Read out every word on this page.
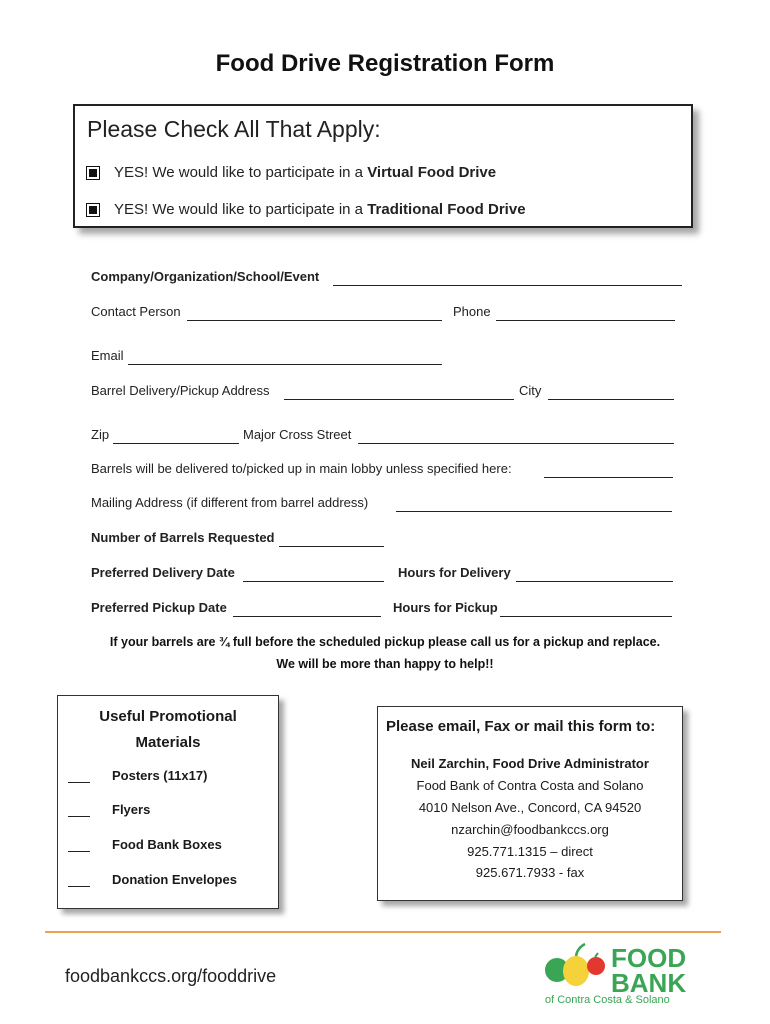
Food Drive Registration Form
Please Check All That Apply:
YES! We would like to participate in a Virtual Food Drive
YES! We would like to participate in a Traditional Food Drive
Company/Organization/School/Event
Contact Person	Phone
Email
Barrel Delivery/Pickup Address	City
Zip	Major Cross Street
Barrels will be delivered to/picked up in main lobby unless specified here:
Mailing Address (if different from barrel address)
Number of Barrels Requested
Preferred Delivery Date	Hours for Delivery
Preferred Pickup Date	Hours for Pickup
If your barrels are ¾ full before the scheduled pickup please call us for a pickup and replace.
We will be more than happy to help!!
Useful Promotional
Materials
Posters (11x17)
Flyers
Food Bank Boxes
Donation Envelopes
Please email, Fax or mail this form to:
Neil Zarchin, Food Drive Administrator
Food Bank of Contra Costa and Solano
4010 Nelson Ave., Concord, CA 94520
nzarchin@foodbankccs.org
925.771.1315 – direct
925.671.7933 - fax
foodbankccs.org/fooddrive
FOOD
BANK
of Contra Costa & Solano
